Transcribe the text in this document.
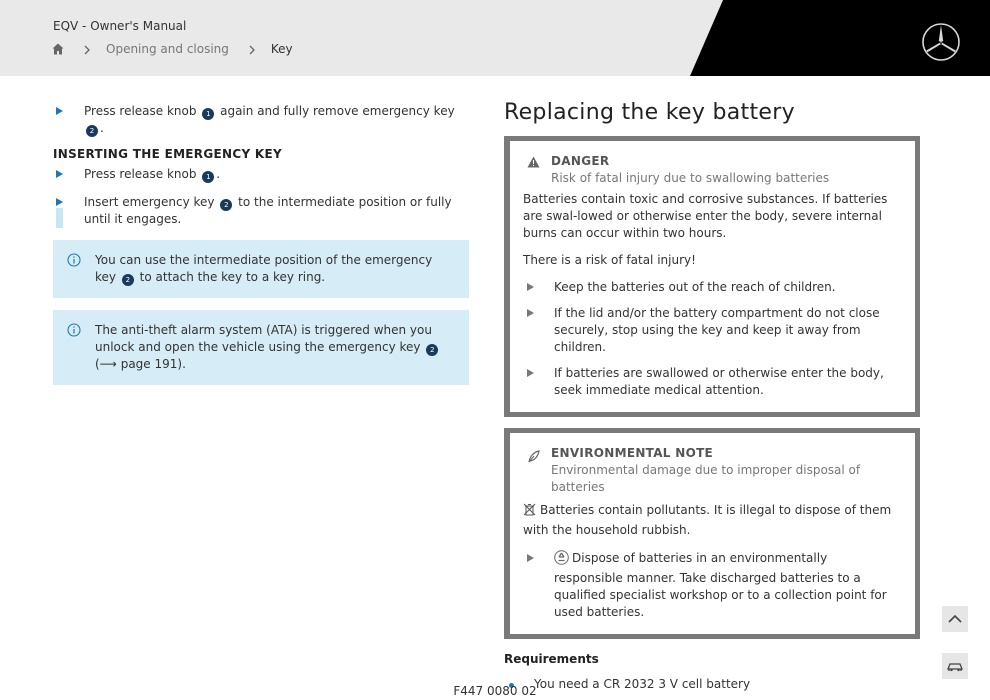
EQV - Owner's Manual
Opening and closing	Key
Press release knob 1 again and fully remove emergency key 2 .
INSERTING THE EMERGENCY KEY
Press release knob 1 .
Insert emergency key 2 to the intermediate position or fully until it engages.
You can use the intermediate position of the emergency key 2 to attach the key to a key ring.
The anti-theft alarm system (ATA) is triggered when you unlock and open the vehicle using the emergency key 2(⟶ page 191).
Replacing the key battery
DANGER
Risk of fatal injury due to swallowing batteries
Batteries contain toxic and corrosive substances. If batteries are swal-lowed or otherwise enter the body, severe internal burns can occur within two hours.
There is a risk of fatal injury!
Keep the batteries out of the reach of children.
If the lid and/or the battery compartment do not close securely, stop using the key and keep it away from children.
If batteries are swallowed or otherwise enter the body, seek immediate medical attention.
ENVIRONMENTAL NOTE
Environmental damage due to improper disposal of batteries
Batteries contain pollutants. It is illegal to dispose of them with the household rubbish.
Dispose of batteries in an environmentally responsible manner. Take discharged batteries to a qualified specialist workshop or to a collection point for used batteries.
Requirements
You need a CR 2032 3 V cell battery
F447 0080 02
